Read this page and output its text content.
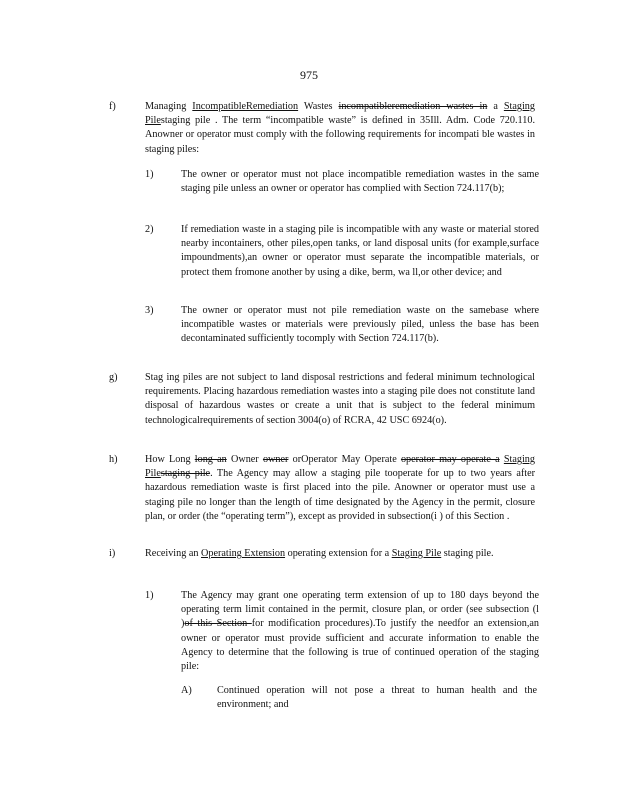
975
f)	Managing IncompatibleRemediation Wastes incompatibleremediation wastes in a Staging Pilestaging pile . The term “incompatible waste” is defined in 35Ill. Adm. Code 720.110. Anowner or operator must comply with the following requirements for incompati ble wastes in staging piles:
1)	The owner or operator must not place incompatible remediation wastes in the same staging pile unless an owner or operator has complied with Section 724.117(b);
2)	If remediation waste in a staging pile is incompatible with any waste or material stored nearby incontainers, other piles,open tanks, or land disposal units (for example,surface impoundments),an owner or operator must separate the incompatible materials, or protect them fromone another by using a dike, berm, wa ll,or other device; and
3)	The owner or operator must not pile remediation waste on the samebase where incompatible wastes or materials were previously piled, unless the base has been decontaminated sufficiently tocomply with Section 724.117(b).
g)	Stag ing piles are not subject to land disposal restrictions and federal minimum technological requirements. Placing hazardous remediation wastes into a staging pile does not constitute land disposal of hazardous wastes or create a unit that is subject to the federal minimum technologicalrequirements of section 3004(o) of RCRA, 42 USC 6924(o).
h)	How Long long an Owner owner orOperator May Operate operator may operate a Staging Pilestaging pile. The Agency may allow a staging pile tooperate for up to two years after hazardous remediation waste is first placed into the pile. Anowner or operator must use a staging pile no longer than the length of time designated by the Agency in the permit, closure plan, or order (the “operating term”), except as provided in subsection(i ) of this Section .
i)	Receiving an Operating Extension operating extension for a Staging Pile staging pile.
1)	The Agency may grant one operating term extension of up to 180 days beyond the operating term limit contained in the permit, closure plan, or order (see subsection (l )of this Section for modification procedures).To justify the needfor an extension,an owner or operator must provide sufficient and accurate information to enable the Agency to determine that the following is true of continued operation of the staging pile:
A) Continued operation will not pose a threat to human health and the environment; and
